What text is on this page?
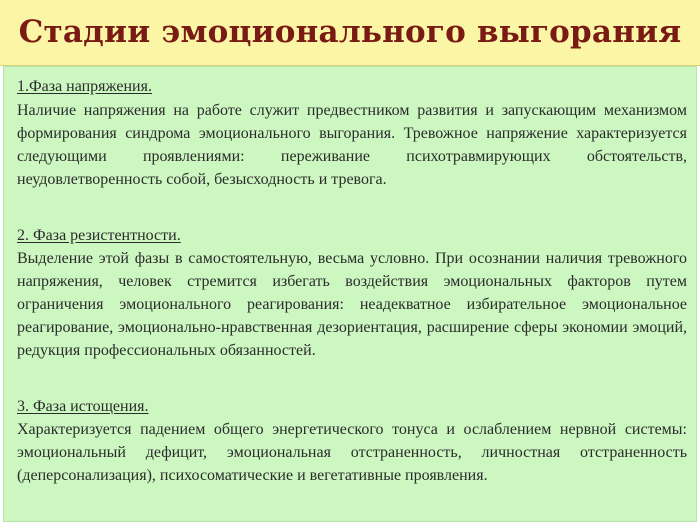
Стадии эмоционального выгорания

1.Фаза напряжения.

Наличие напряжения на работе служит предвестником развития и запускающим механизмом формирования синдрома эмоционального выгорания. Тревожное напряжение характеризуется следующими проявлениями: переживание психотравмирующих обстоятельств, неудовлетворенность собой, безысходность и тревога.

2. Фаза резистентности.

Выделение этой фазы в самостоятельную, весьма условно. При осознании наличия тревожного напряжения, человек стремится избегать воздействия эмоциональных факторов путем ограничения эмоционального реагирования: неадекватное избирательное эмоциональное реагирование, эмоционально-нравственная дезориентация, расширение сферы экономии эмоций, редукция профессиональных обязанностей.

3. Фаза истощения.

Характеризуется падением общего энергетического тонуса и ослаблением нервной системы: эмоциональный дефицит, эмоциональная отстраненность, личностная отстраненность (деперсонализация), психосоматические и вегетативные проявления.
